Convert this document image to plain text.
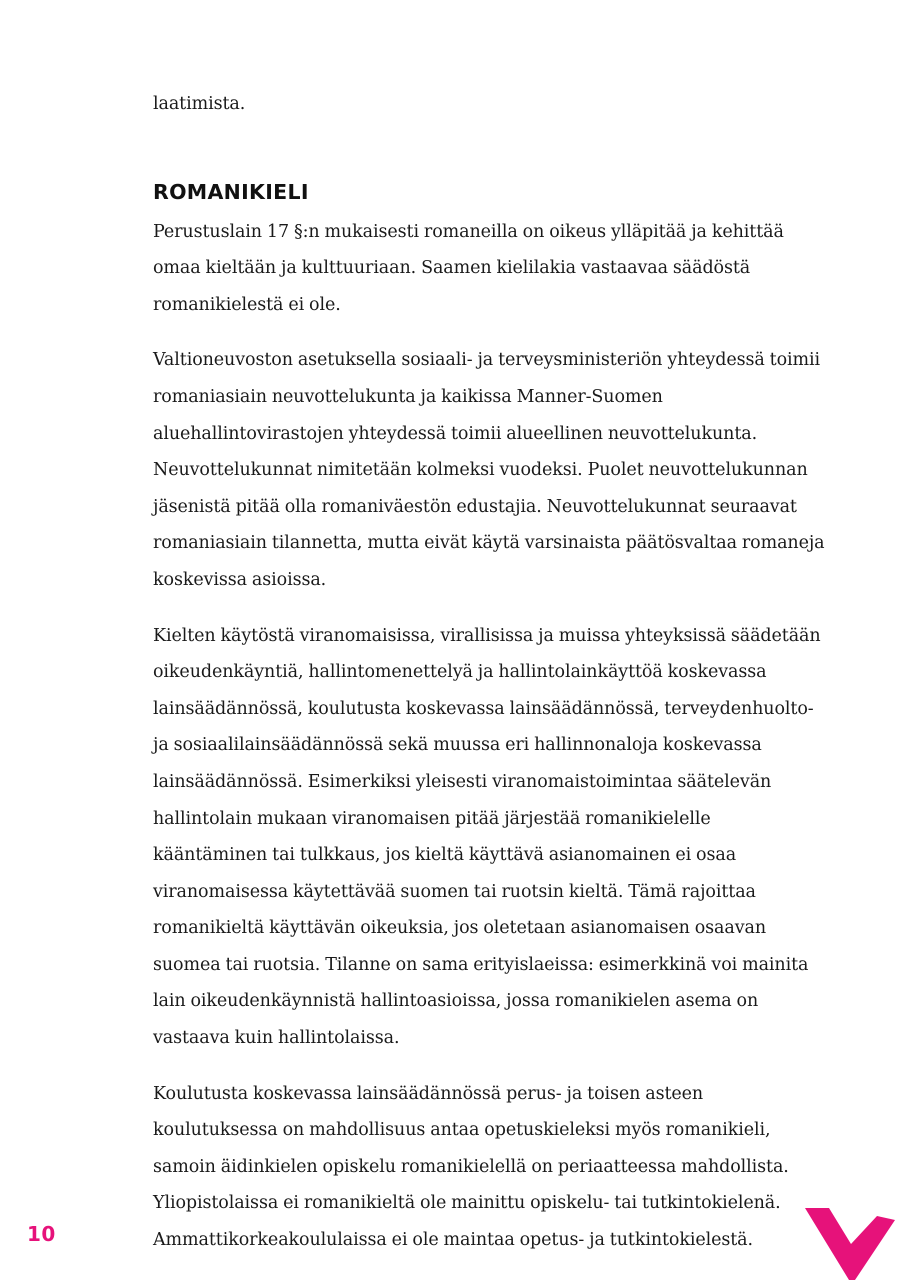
laatimista.

ROMANIKIELI

Perustuslain 17 §:n mukaisesti romaneilla on oikeus ylläpitää ja kehittää omaa kieltään ja kulttuuriaan. Saamen kielilakia vastaavaa säädöstä romanikielestä ei ole.

Valtioneuvoston asetuksella sosiaali- ja terveysministeriön yhteydessä toimii romaniasiain neuvottelukunta ja kaikissa Manner-Suomen aluehallintovirastojen yhteydessä toimii alueellinen neuvottelukunta. Neuvottelukunnat nimitetään kolmeksi vuodeksi. Puolet neuvottelukunnan jäsenistä pitää olla romaniväestön edustajia. Neuvottelukunnat seuraavat romaniasiain tilannetta, mutta eivät käytä varsinaista päätösvaltaa romaneja koskevissa asioissa.

Kielten käytöstä viranomaisissa, virallisissa ja muissa yhteyksissä säädetään oikeudenkäyntiä, hallintomenettelyä ja hallintolainkäyttöä koskevassa lainsäädännössä, koulutusta koskevassa lainsäädännössä, terveydenhuolto- ja sosiaalilainsäädännössä sekä muussa eri hallinnonaloja koskevassa lainsäädännössä. Esimerkiksi yleisesti viranomaistoimintaa säätelevän hallintolain mukaan viranomaisen pitää järjestää romanikielelle kääntäminen tai tulkkaus, jos kieltä käyttävä asianomainen ei osaa viranomaisessa käytettävää suomen tai ruotsin kieltä. Tämä rajoittaa romanikieltä käyttävän oikeuksia, jos oletetaan asianomaisen osaavan suomea tai ruotsia. Tilanne on sama erityislaeissa: esimerkkinä voi mainita lain oikeudenkäynnistä hallintoasioissa, jossa romanikielen asema on vastaava kuin hallintolaissa.

Koulutusta koskevassa lainsäädännössä perus- ja toisen asteen koulutuksessa on mahdollisuus antaa opetuskieleksi myös romanikieli, samoin äidinkielen opiskelu romanikielellä on periaatteessa mahdollista. Yliopistolaissa ei romanikieltä ole mainittu opiskelu- tai tutkintokielenä. Ammattikorkeakoululaissa ei ole maintaa opetus- ja tutkintokielestä.

10
